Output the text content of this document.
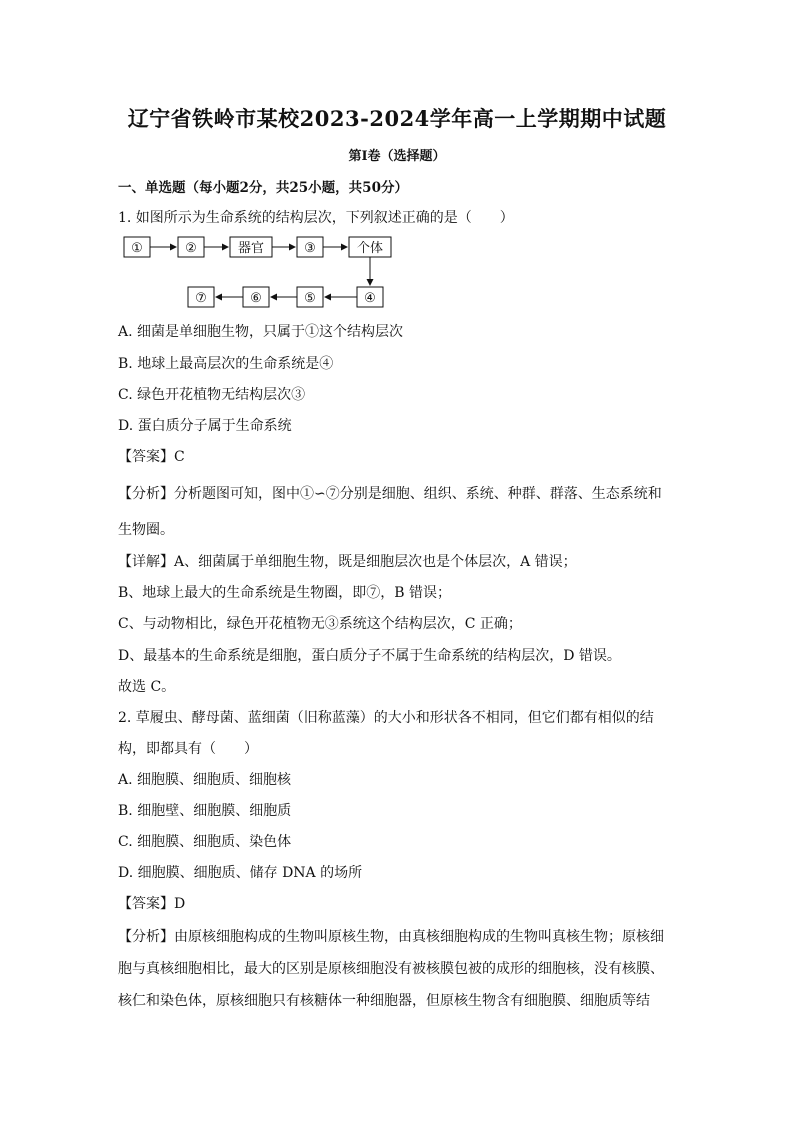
辽宁省铁岭市某校2023-2024学年高一上学期期中试题
第Ⅰ卷（选择题）
一、单选题（每小题2分，共25小题，共50分）
1. 如图所示为生命系统的结构层次，下列叙述正确的是（　　）
①	②	器官	③	个体
⑦	⑥	⑤	④
A. 细菌是单细胞生物，只属于①这个结构层次
B. 地球上最高层次的生命系统是④
C. 绿色开花植物无结构层次③
D. 蛋白质分子属于生命系统
【答案】C
【分析】分析题图可知，图中①∽⑦分别是细胞、组织、系统、种群、群落、生态系统和
生物圈。
【详解】A、细菌属于单细胞生物，既是细胞层次也是个体层次，A 错误；
B、地球上最大的生命系统是生物圈，即⑦，B 错误；
C、与动物相比，绿色开花植物无③系统这个结构层次，C 正确；
D、最基本的生命系统是细胞，蛋白质分子不属于生命系统的结构层次，D 错误。
故选 C。
2. 草履虫、酵母菌、蓝细菌（旧称蓝藻）的大小和形状各不相同，但它们都有相似的结
构，即都具有（　　）
A. 细胞膜、细胞质、细胞核
B. 细胞壁、细胞膜、细胞质
C. 细胞膜、细胞质、染色体
D. 细胞膜、细胞质、储存 DNA 的场所
【答案】D
【分析】由原核细胞构成的生物叫原核生物，由真核细胞构成的生物叫真核生物；原核细
胞与真核细胞相比，最大的区别是原核细胞没有被核膜包被的成形的细胞核，没有核膜、
核仁和染色体，原核细胞只有核糖体一种细胞器，但原核生物含有细胞膜、细胞质等结
